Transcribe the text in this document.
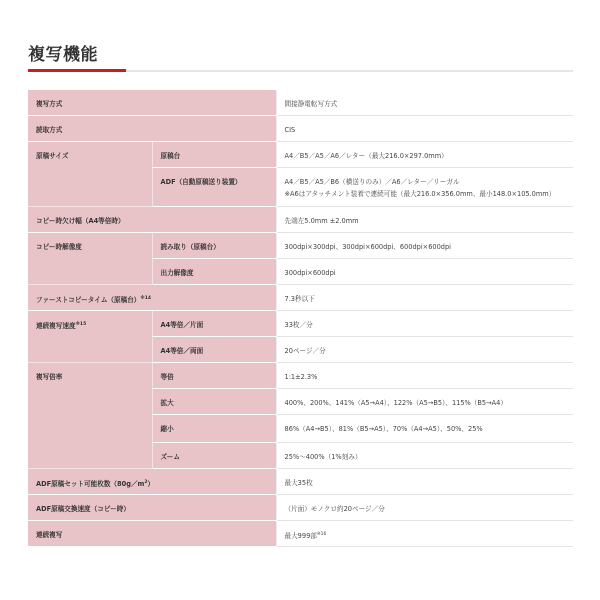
複写機能
複写方式		間接静電転写方式
読取方式		CIS
原稿サイズ	原稿台	A4／B5／A5／A6／レター（最大216.0×297.0mm）
	ADF（自動原稿送り装置）	A4／B5／A5／B6（横送りのみ）／A6／レター／リーガル
※A6はアタッチメント装着で連続可能（最大216.0×356.0mm、最小148.0×105.0mm）

コピー時欠け幅（A4等倍時）		先端左5.0mm ±2.0mm
コピー時解像度	読み取り（原稿台）	300dpi×300dpi、300dpi×600dpi、600dpi×600dpi
	出力解像度	300dpi×600dpi
ファーストコピータイム（原稿台）$^{※14}$		7.3秒以下
連続複写速度$^{※15}$	A4等倍／片面	33枚／分
	A4等倍／両面	20ページ／分
複写倍率	等倍	1:1±2.3%
	拡大	400%、200%、141%（A5→A4）、122%（A5→B5）、115%（B5→A4）
	縮小	86%（A4→B5）、81%（B5→A5）、70%（A4→A5）、50%、25%
	ズーム	25%～400%（1%刻み）
ADF原稿セット可能枚数$(80g/m^2)$		最大35枚
ADF原稿交換速度（コピー時）		（片面）モノクロ約20ページ／分
連続複写		最大999部$^{※16}$
